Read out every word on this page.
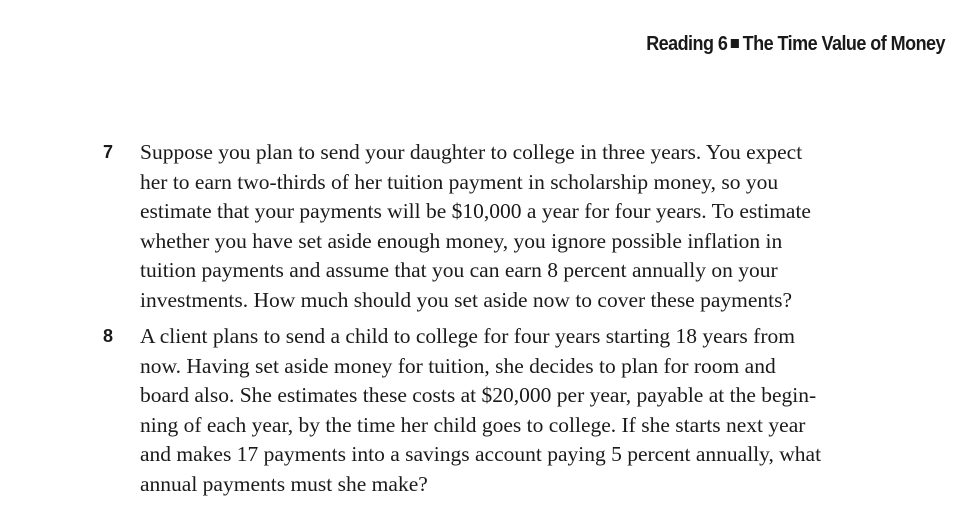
Reading 6 The Time Value of Money
7	Suppose you plan to send your daughter to college in three years. You expect
her to earn two-thirds of her tuition payment in scholarship money, so you
estimate that your payments will be $10,000 a year for four years. To estimate
whether you have set aside enough money, you ignore possible inflation in
tuition payments and assume that you can earn 8 percent annually on your
investments. How much should you set aside now to cover these payments?
8	A client plans to send a child to college for four years starting 18 years from
now. Having set aside money for tuition, she decides to plan for room and
board also. She estimates these costs at $20,000 per year, payable at the begin-
ning of each year, by the time her child goes to college. If she starts next year
and makes 17 payments into a savings account paying 5 percent annually, what
annual payments must she make?
